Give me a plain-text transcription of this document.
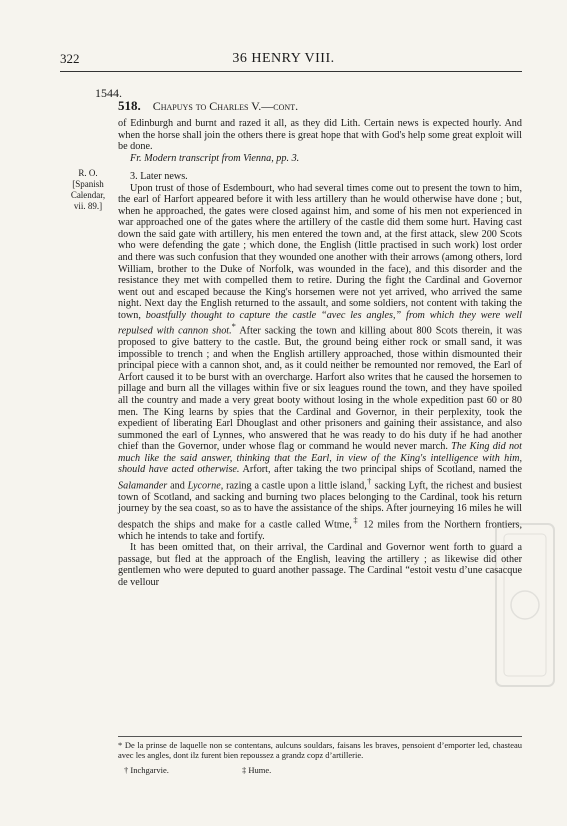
322	36 HENRY VIII.
1544.
518. Chapuys to Charles V.—cont.
R. O.
[Spanish
Calendar,
vii. 89.]

of Edinburgh and burnt and razed it all, as they did Lith. Certain news is expected hourly. And when the horse shall join the others there is great hope that with God's help some great exploit will be done.

Fr. Modern transcript from Vienna, pp. 3.

3. Later news.

Upon trust of those of Esdembourt, who had several times come out to present the town to him, the earl of Harfort appeared before it with less artillery than he would otherwise have done ; but, when he approached, the gates were closed against him, and some of his men not experienced in war approached one of the gates where the artillery of the castle did them some hurt. Having cast down the said gate with artillery, his men entered the town and, at the first attack, slew 200 Scots who were defending the gate ; which done, the English (little practised in such work) lost order and there was such confusion that they wounded one another with their arrows (among others, lord William, brother to the Duke of Norfolk, was wounded in the face), and this disorder and the resistance they met with compelled them to retire. During the fight the Cardinal and Governor went out and escaped because the King's horsemen were not yet arrived, who arrived the same night. Next day the English returned to the assault, and some soldiers, not content with taking the town, boastfully thought to capture the castle “avec les angles,” from which they were well repulsed with cannon shot.* After sacking the town and killing about 800 Scots therein, it was proposed to give battery to the castle. But, the ground being either rock or small sand, it was impossible to trench ; and when the English artillery approached, those within dismounted their principal piece with a cannon shot, and, as it could neither be remounted nor removed, the Earl of Arfort caused it to be burst with an overcharge. Harfort also writes that he caused the horsemen to pillage and burn all the villages within five or six leagues round the town, and they have spoiled all the country and made a very great booty without losing in the whole expedition past 60 or 80 men. The King learns by spies that the Cardinal and Governor, in their perplexity, took the expedient of liberating Earl Dhouglast and other prisoners and gaining their assistance, and also summoned the earl of Lynnes, who answered that he was ready to do his duty if he had another chief than the Governor, under whose flag or command he would never march. The King did not much like the said answer, thinking that the Earl, in view of the King's intelligence with him, should have acted otherwise. Arfort, after taking the two principal ships of Scotland, named the Salamander and Lycorne, razing a castle upon a little island,† sacking Lyft, the richest and busiest town of Scotland, and sacking and burning two places belonging to the Cardinal, took his return journey by the sea coast, so as to have the assistance of the ships. After journeying 16 miles he will despatch the ships and make for a castle called Wtme,‡ 12 miles from the Northern frontiers, which he intends to take and fortify.

It has been omitted that, on their arrival, the Cardinal and Governor went forth to guard a passage, but fled at the approach of the English, leaving the artillery ; as likewise did other gentlemen who were deputed to guard another passage. The Cardinal “estoit vestu d’une casacque de vellour

* De la prinse de laquelle non se contentans, aulcuns souldars, faisans les braves, pensoient d’emporter led, chasteau avec les angles, dont ilz furent bien repoussez a grandz copz d’artillerie.

† Inchgarvie.	‡ Hume.
